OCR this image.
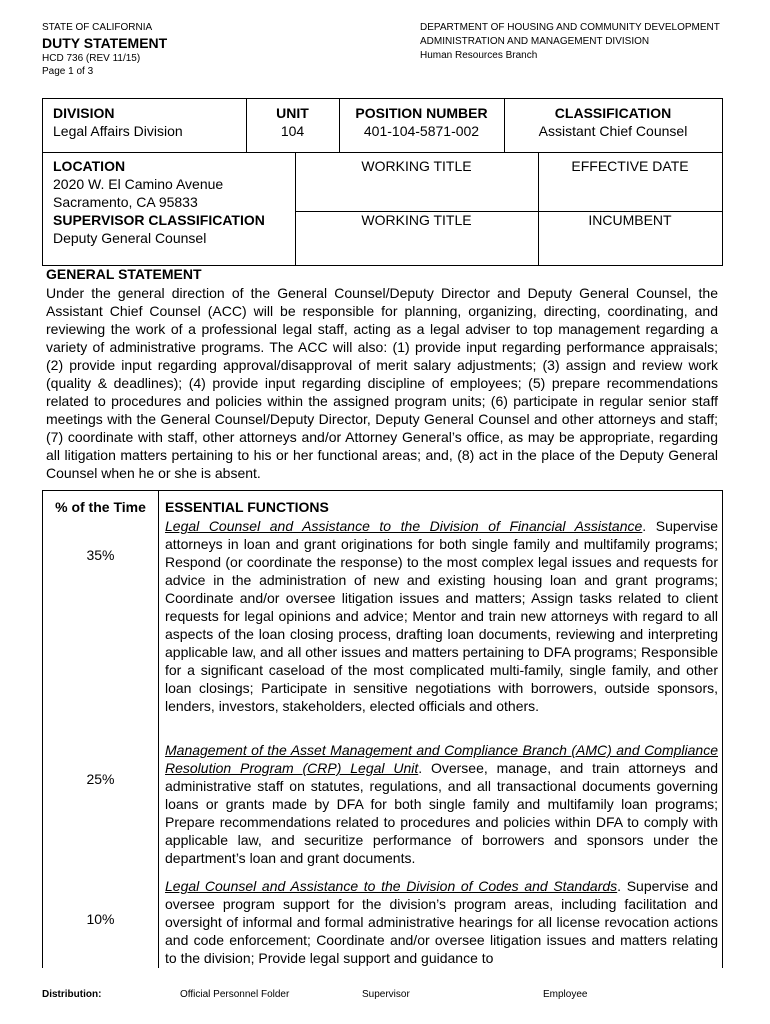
STATE OF CALIFORNIA
DUTY STATEMENT
HCD 736 (REV 11/15)
Page 1 of 3
DEPARTMENT OF HOUSING AND COMMUNITY DEVELOPMENT
ADMINISTRATION AND MANAGEMENT DIVISION
Human Resources Branch
DIVISION
Legal Affairs Division
UNIT
104
POSITION NUMBER
401-104-5871-002
CLASSIFICATION
Assistant Chief Counsel
LOCATION
2020 W. El Camino Avenue
Sacramento, CA 95833
SUPERVISOR CLASSIFICATION
Deputy General Counsel
WORKING TITLE	EFFECTIVE DATE
WORKING TITLE	INCUMBENT
GENERAL STATEMENT
Under the general direction of the General Counsel/Deputy Director and Deputy General Counsel, the Assistant Chief Counsel (ACC) will be responsible for planning, organizing, directing, coordinating, and reviewing the work of a professional legal staff, acting as a legal adviser to top management regarding a variety of administrative programs. The ACC will also: (1) provide input regarding performance appraisals; (2) provide input regarding approval/disapproval of merit salary adjustments; (3) assign and review work (quality & deadlines); (4) provide input regarding discipline of employees; (5) prepare recommendations related to procedures and policies within the assigned program units; (6) participate in regular senior staff meetings with the General Counsel/Deputy Director, Deputy General Counsel and other attorneys and staff; (7) coordinate with staff, other attorneys and/or Attorney General’s office, as may be appropriate, regarding all litigation matters pertaining to his or her functional areas; and, (8) act in the place of the Deputy General Counsel when he or she is absent.
% of the Time	ESSENTIAL FUNCTIONS
35%
Legal Counsel and Assistance to the Division of Financial Assistance. Supervise attorneys in loan and grant originations for both single family and multifamily programs; Respond (or coordinate the response) to the most complex legal issues and requests for advice in the administration of new and existing housing loan and grant programs; Coordinate and/or oversee litigation issues and matters; Assign tasks related to client requests for legal opinions and advice; Mentor and train new attorneys with regard to all aspects of the loan closing process, drafting loan documents, reviewing and interpreting applicable law, and all other issues and matters pertaining to DFA programs; Responsible for a significant caseload of the most complicated multi-family, single family, and other loan closings; Participate in sensitive negotiations with borrowers, outside sponsors, lenders, investors, stakeholders, elected officials and others.
25%
Management of the Asset Management and Compliance Branch (AMC) and Compliance Resolution Program (CRP) Legal Unit. Oversee, manage, and train attorneys and administrative staff on statutes, regulations, and all transactional documents governing loans or grants made by DFA for both single family and multifamily loan programs; Prepare recommendations related to procedures and policies within DFA to comply with applicable law, and securitize performance of borrowers and sponsors under the department’s loan and grant documents.
10%
Legal Counsel and Assistance to the Division of Codes and Standards. Supervise and oversee program support for the division’s program areas, including facilitation and oversight of informal and formal administrative hearings for all license revocation actions and code enforcement; Coordinate and/or oversee litigation issues and matters relating to the division; Provide legal support and guidance to
Distribution:	Official Personnel Folder	Supervisor	Employee
